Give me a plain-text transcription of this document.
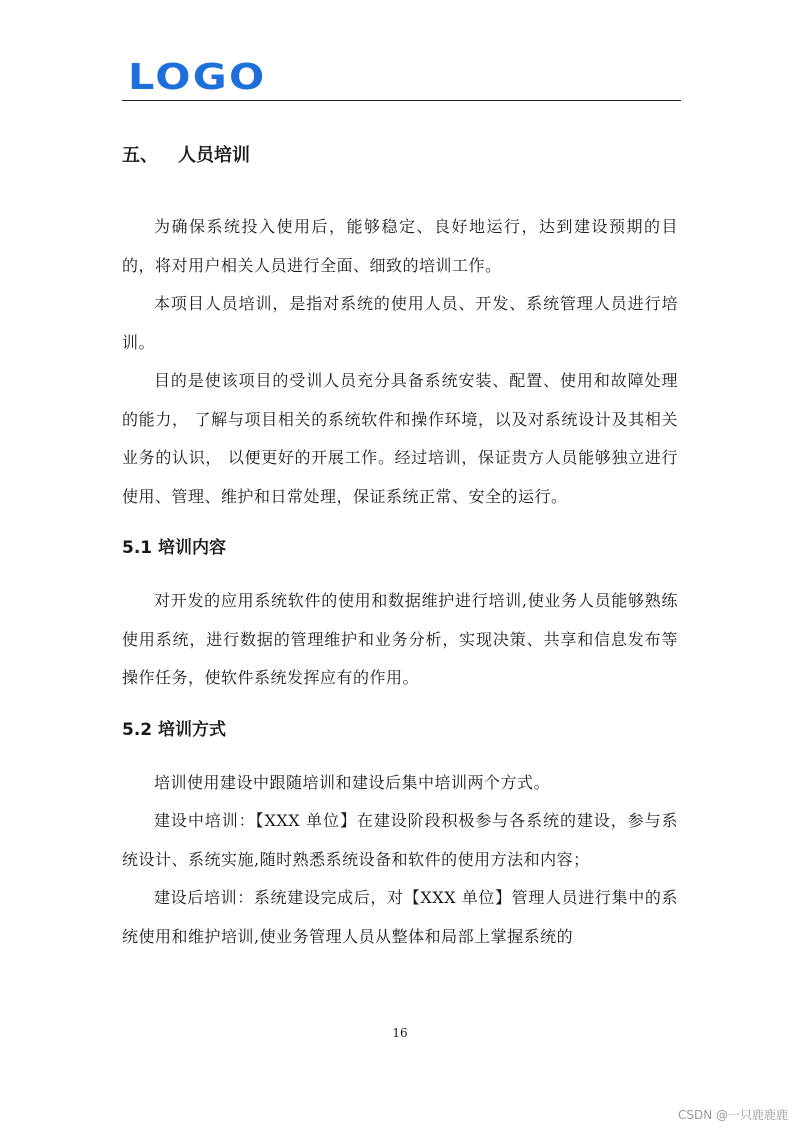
LOGO
五、 人员培训

为确保系统投入使用后，能够稳定、良好地运行，达到建设预期的目的，将对用户相关人员进行全面、细致的培训工作。

本项目人员培训，是指对系统的使用人员、开发、系统管理人员进行培训。

目的是使该项目的受训人员充分具备系统安装、配置、使用和故障处理的能力， 了解与项目相关的系统软件和操作环境，以及对系统设计及其相关业务的认识， 以便更好的开展工作。经过培训，保证贵方人员能够独立进行使用、管理、维护和日常处理，保证系统正常、安全的运行。

5.1 培训内容

对开发的应用系统软件的使用和数据维护进行培训,使业务人员能够熟练使用系统，进行数据的管理维护和业务分析，实现决策、共享和信息发布等操作任务，使软件系统发挥应有的作用。

5.2 培训方式

培训使用建设中跟随培训和建设后集中培训两个方式。

建设中培训：【XXX 单位】在建设阶段积极参与各系统的建设，参与系统设计、系统实施,随时熟悉系统设备和软件的使用方法和内容；

建设后培训：系统建设完成后，对【XXX 单位】管理人员进行集中的系统使用和维护培训,使业务管理人员从整体和局部上掌握系统的

16
CSDN @一只鹿鹿鹿
